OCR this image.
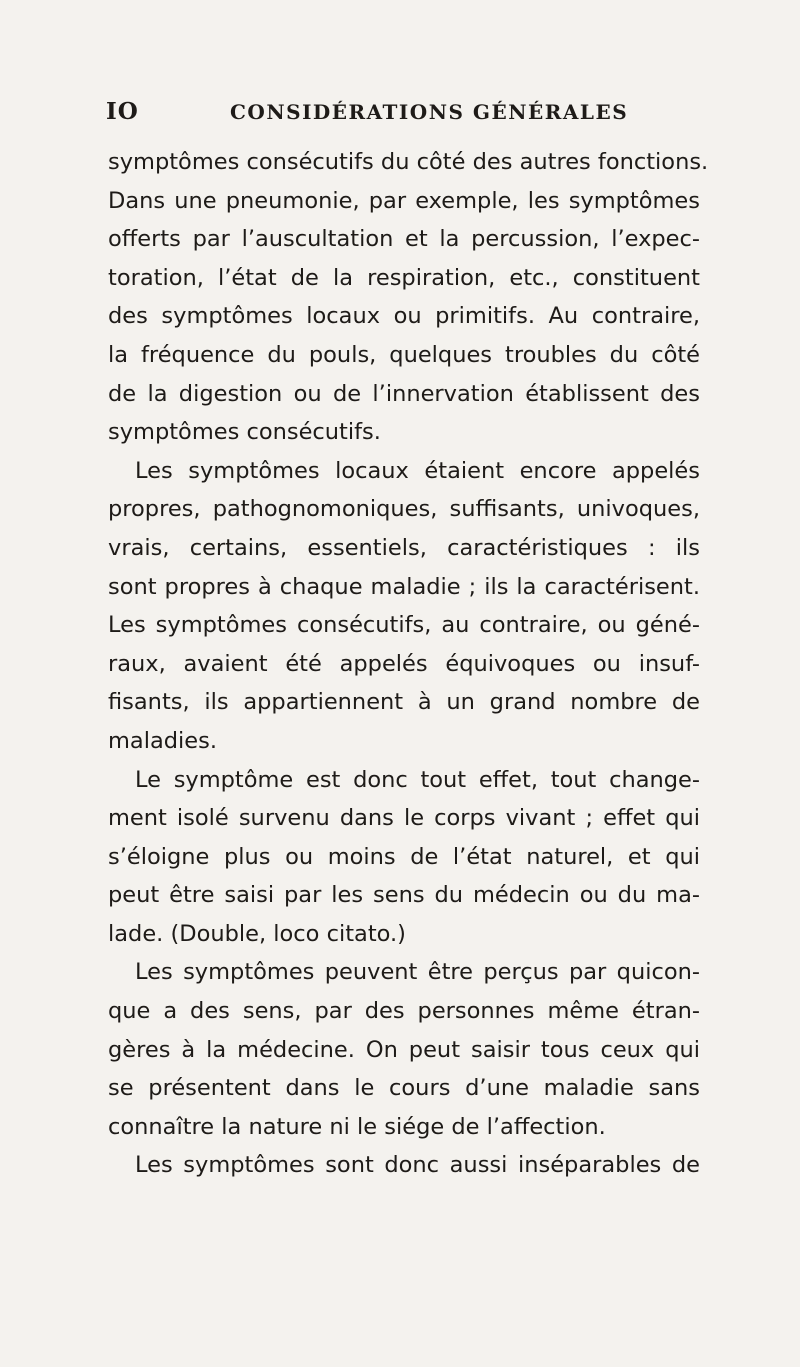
IO	CONSIDÉRATIONS GÉNÉRALES
symptômes consécutifs du côté des autres fonctions.
Dans une pneumonie, par exemple, les symptômes
offerts par l’auscultation et la percussion, l’expec-
toration, l’état de la respiration, etc., constituent
des symptômes locaux ou primitifs. Au contraire,
la fréquence du pouls, quelques troubles du côté
de la digestion ou de l’innervation établissent des
symptômes consécutifs.
Les symptômes locaux étaient encore appelés
propres, pathognomoniques, suffisants, univoques,
vrais, certains, essentiels, caractéristiques : ils
sont propres à chaque maladie ; ils la caractérisent.
Les symptômes consécutifs, au contraire, ou géné-
raux, avaient été appelés équivoques ou insuf-
fisants, ils appartiennent à un grand nombre de
maladies.
Le symptôme est donc tout effet, tout change-
ment isolé survenu dans le corps vivant ; effet qui
s’éloigne plus ou moins de l’état naturel, et qui
peut être saisi par les sens du médecin ou du ma-
lade. (Double, loco citato.)
Les symptômes peuvent être perçus par quicon-
que a des sens, par des personnes même étran-
gères à la médecine. On peut saisir tous ceux qui
se présentent dans le cours d’une maladie sans
connaître la nature ni le siége de l’affection.
Les symptômes sont donc aussi inséparables de
